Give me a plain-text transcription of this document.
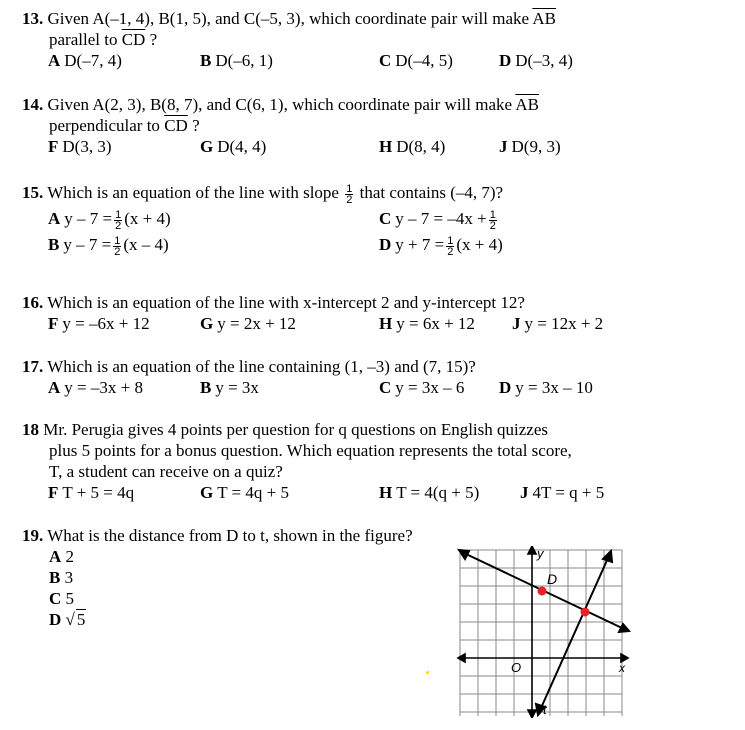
13. Given A(–1, 4), B(1, 5), and C(–5, 3), which coordinate pair will make $\overline{AB}$
parallel to $\overline{CD}$ ?
A D(–7, 4)	B D(–6, 1)	C D(–4, 5)	D D(–3, 4)
14. Given A(2, 3), B(8, 7), and C(6, 1), which coordinate pair will make $\overline{AB}$
perpendicular to $\overline{CD}$ ?
F D(3, 3)	G D(4, 4)	H D(8, 4)	J D(9, 3)
15. Which is an equation of the line with slope $\frac{1}{2}$ that contains (–4, 7)?
A $y - 7 = \frac{1}{2} (x + 4)$	C $y - 7 = -4x + \frac{1}{2}$
B $y - 7 = \frac{1}{2} (x - 4)$	D $y + 7 = \frac{1}{2} (x + 4)$
16. Which is an equation of the line with x-intercept 2 and y-intercept 12?
F y = –6x + 12	G y = 2x + 12	H y = 6x + 12 J y = 12x + 2
17. Which is an equation of the line containing (1, –3) and (7, 15)?
A y = –3x + 8	B y = 3x	C y = 3x – 6 D y = 3x – 10
18 Mr. Perugia gives 4 points per question for q questions on English quizzes
plus 5 points for a bonus question. Which equation represents the total score,
T, a student can receive on a quiz?
F T + 5 = 4q	G T = 4q + 5	H T = 4(q + 5) J 4T = q + 5
19. What is the distance from D to t, shown in the figure?
A 2
B 3
C 5
D √ 5
y
x
O
D
t
